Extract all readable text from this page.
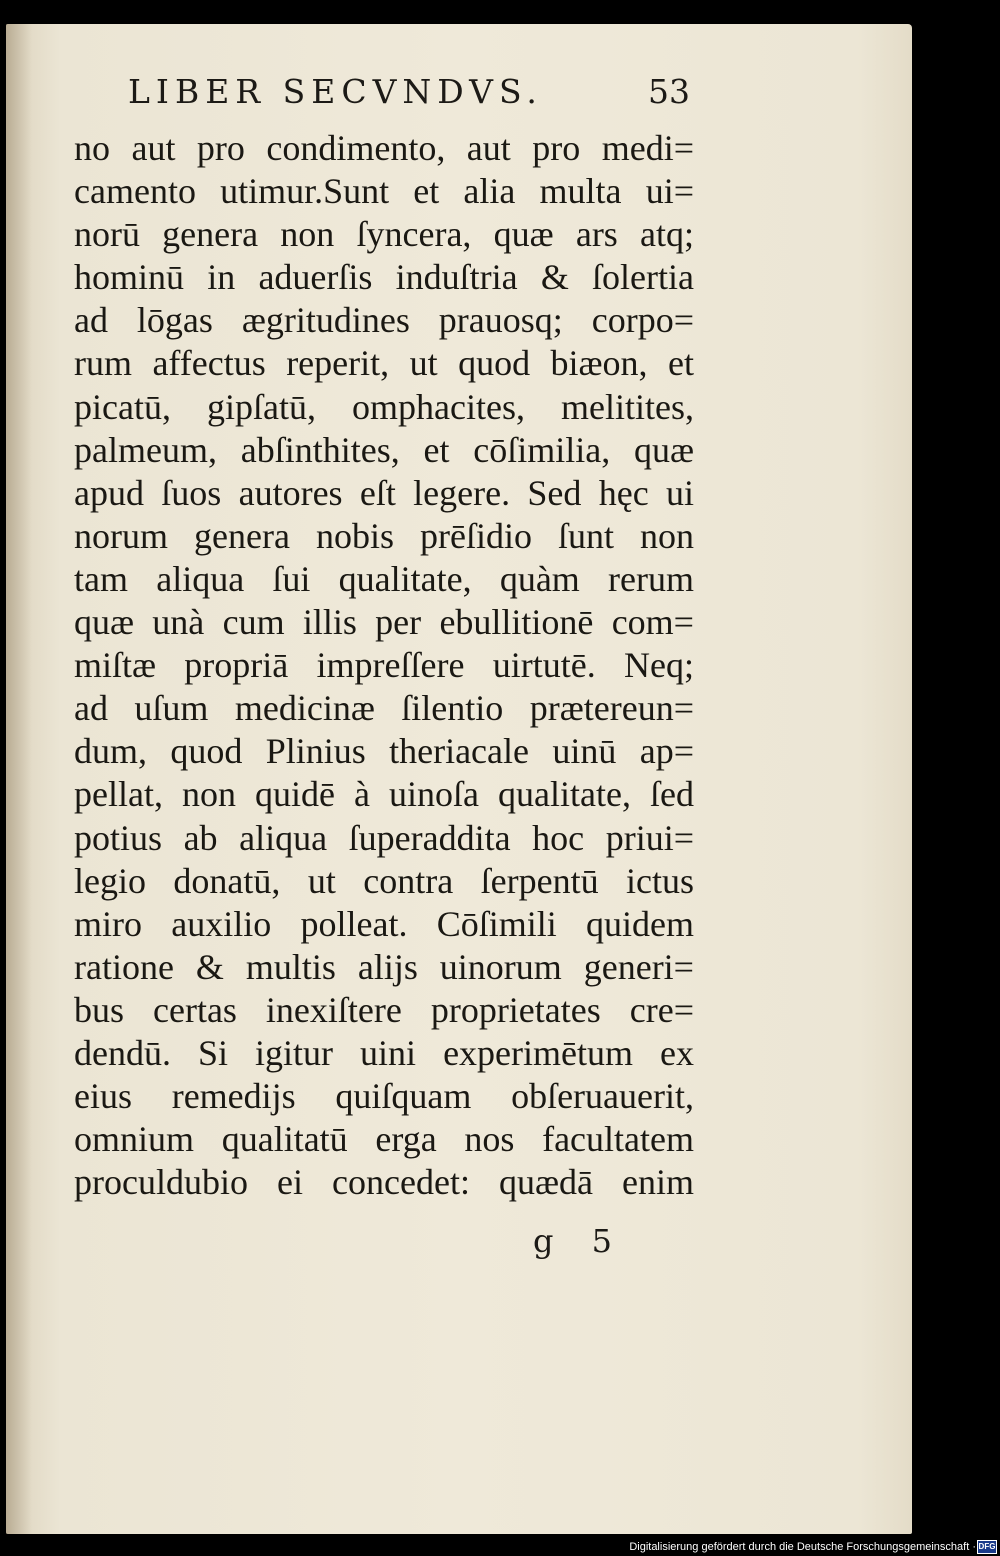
LIBER SECVNDVS.	53
no aut pro condimento, aut pro medi=
camento utimur.Sunt et alia multa ui=
norū genera non ſyncera, quæ ars atq;
hominū in aduerſis induſtria & ſolertia
ad lōgas ægritudines prauosq; corpo=
rum affectus reperit, ut quod biæon, et
picatū, gipſatū, omphacites, melitites,
palmeum, abſinthites, et cōſimilia, quæ
apud ſuos autores eſt legere. Sed hęc ui
norum genera nobis prēſidio ſunt non
tam aliqua ſui qualitate, quàm rerum
quæ unà cum illis per ebullitionē com=
miſtæ propriā impreſſere uirtutē. Neq;
ad uſum medicinæ ſilentio prætereun=
dum, quod Plinius theriacale uinū ap=
pellat, non quidē à uinoſa qualitate, ſed
potius ab aliqua ſuperaddita hoc priui=
legio donatū, ut contra ſerpentū ictus
miro auxilio polleat. Cōſimili quidem
ratione & multis alijs uinorum generi=
bus certas inexiſtere proprietates cre=
dendū. Si igitur uini experimētum ex
eius remedijs quiſquam obſeruauerit,
omnium qualitatū erga nos facultatem
proculdubio ei concedet: quædā enim
g 5
Digitalisierung gefördert durch die Deutsche Forschungsgemeinschaft · DFG
